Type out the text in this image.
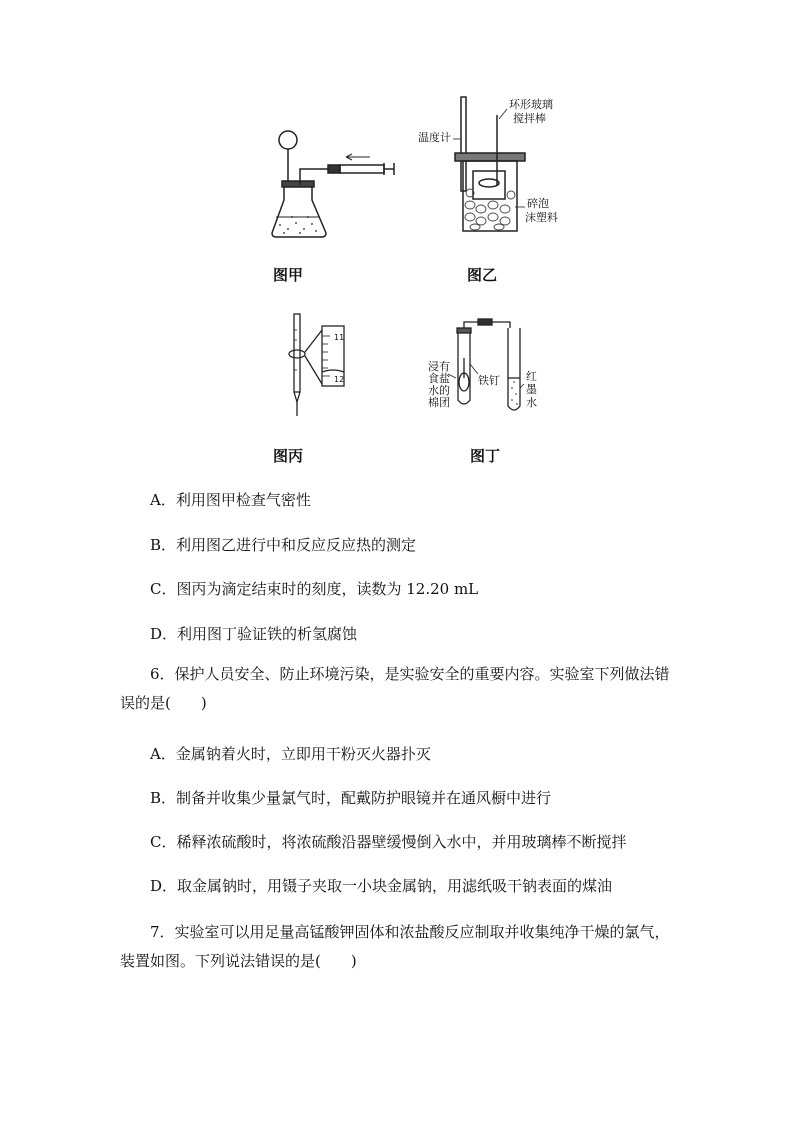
图甲
环形玻璃
搅拌棒
温度计
碎泡
沫塑料
图乙
11
12
图丙
浸有
食盐
水的
棉团
铁钉 红
墨
水
图丁
A．利用图甲检查气密性
B．利用图乙进行中和反应反应热的测定
C．图丙为滴定结束时的刻度，读数为 12.20 mL
D．利用图丁验证铁的析氢腐蚀
6．保护人员安全、防止环境污染，是实验安全的重要内容。实验室下列做法错误的是(　　)
A．金属钠着火时，立即用干粉灭火器扑灭
B．制备并收集少量氯气时，配戴防护眼镜并在通风橱中进行
C．稀释浓硫酸时，将浓硫酸沿器壁缓慢倒入水中，并用玻璃棒不断搅拌
D．取金属钠时，用镊子夹取一小块金属钠，用滤纸吸干钠表面的煤油
7．实验室可以用足量高锰酸钾固体和浓盐酸反应制取并收集纯净干燥的氯气，装置如图。下列说法错误的是(　　)
